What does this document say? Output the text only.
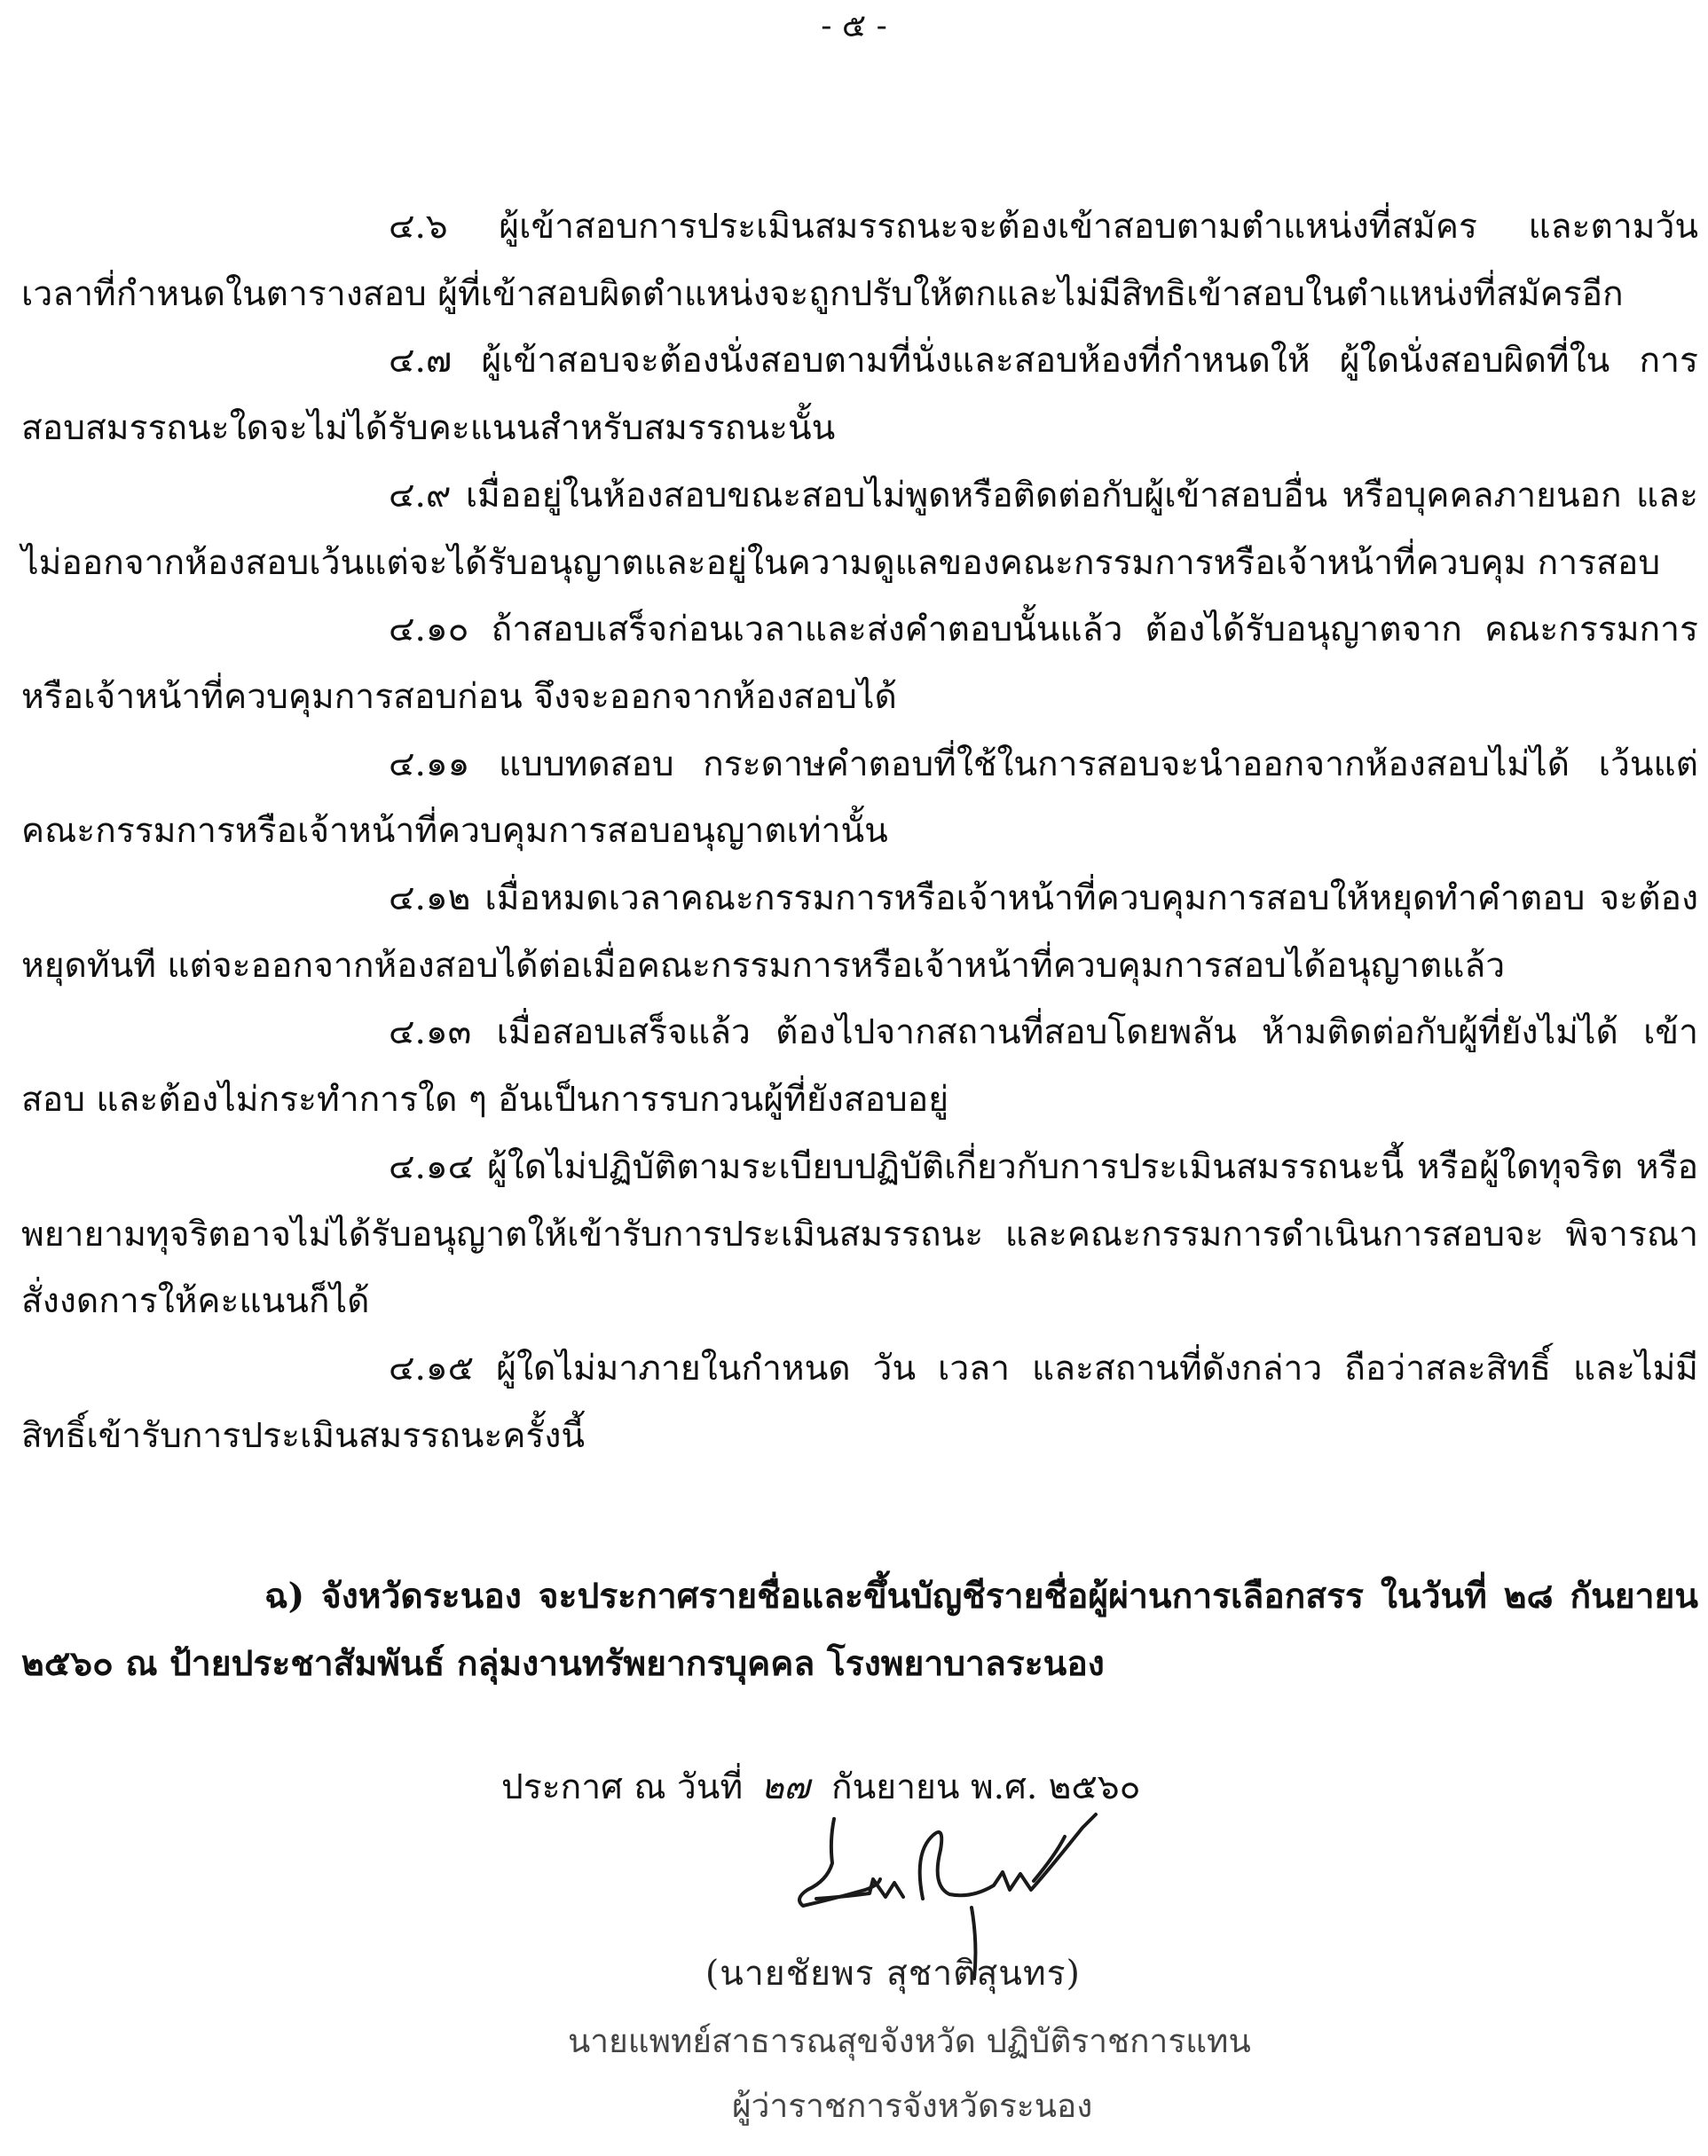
- ๕ -

๔.๖ ผู้เข้าสอบการประเมินสมรรถนะจะต้องเข้าสอบตามตำแหน่งที่สมัคร และตามวัน เวลาที่กำหนดในตารางสอบ ผู้ที่เข้าสอบผิดตำแหน่งจะถูกปรับให้ตกและไม่มีสิทธิเข้าสอบในตำแหน่งที่สมัครอีก

๔.๗ ผู้เข้าสอบจะต้องนั่งสอบตามที่นั่งและสอบห้องที่กำหนดให้ ผู้ใดนั่งสอบผิดที่ใน การสอบสมรรถนะใดจะไม่ได้รับคะแนนสำหรับสมรรถนะนั้น

๔.๙ เมื่ออยู่ในห้องสอบขณะสอบไม่พูดหรือติดต่อกับผู้เข้าสอบอื่น หรือบุคคลภายนอก และไม่ออกจากห้องสอบเว้นแต่จะได้รับอนุญาตและอยู่ในความดูแลของคณะกรรมการหรือเจ้าหน้าที่ควบคุม การสอบ

๔.๑๐ ถ้าสอบเสร็จก่อนเวลาและส่งคำตอบนั้นแล้ว ต้องได้รับอนุญาตจาก คณะกรรมการหรือเจ้าหน้าที่ควบคุมการสอบก่อน จึงจะออกจากห้องสอบได้

๔.๑๑ แบบทดสอบ กระดาษคำตอบที่ใช้ในการสอบจะนำออกจากห้องสอบไม่ได้ เว้นแต่คณะกรรมการหรือเจ้าหน้าที่ควบคุมการสอบอนุญาตเท่านั้น

๔.๑๒ เมื่อหมดเวลาคณะกรรมการหรือเจ้าหน้าที่ควบคุมการสอบให้หยุดทำคำตอบ จะต้องหยุดทันที แต่จะออกจากห้องสอบได้ต่อเมื่อคณะกรรมการหรือเจ้าหน้าที่ควบคุมการสอบได้อนุญาตแล้ว

๔.๑๓ เมื่อสอบเสร็จแล้ว ต้องไปจากสถานที่สอบโดยพลัน ห้ามติดต่อกับผู้ที่ยังไม่ได้ เข้าสอบ และต้องไม่กระทำการใด ๆ อันเป็นการรบกวนผู้ที่ยังสอบอยู่

๔.๑๔ ผู้ใดไม่ปฏิบัติตามระเบียบปฏิบัติเกี่ยวกับการประเมินสมรรถนะนี้ หรือผู้ใดทุจริต หรือพยายามทุจริตอาจไม่ได้รับอนุญาตให้เข้ารับการประเมินสมรรถนะ และคณะกรรมการดำเนินการสอบจะ พิจารณาสั่งงดการให้คะแนนก็ได้

๔.๑๕ ผู้ใดไม่มาภายในกำหนด วัน เวลา และสถานที่ดังกล่าว ถือว่าสละสิทธิ์ และไม่มี สิทธิ์เข้ารับการประเมินสมรรถนะครั้งนี้

ฉ) จังหวัดระนอง จะประกาศรายชื่อและขึ้นบัญชีรายชื่อผู้ผ่านการเลือกสรร ในวันที่ ๒๘ กันยายน ๒๕๖๐ ณ ป้ายประชาสัมพันธ์ กลุ่มงานทรัพยากรบุคคล โรงพยาบาลระนอง

ประกาศ ณ วันที่ ๒๗ กันยายน พ.ศ. ๒๕๖๐
(นายชัยพร สุชาติสุนทร)
นายแพทย์สาธารณสุขจังหวัด ปฏิบัติราชการแทน
ผู้ว่าราชการจังหวัดระนอง
